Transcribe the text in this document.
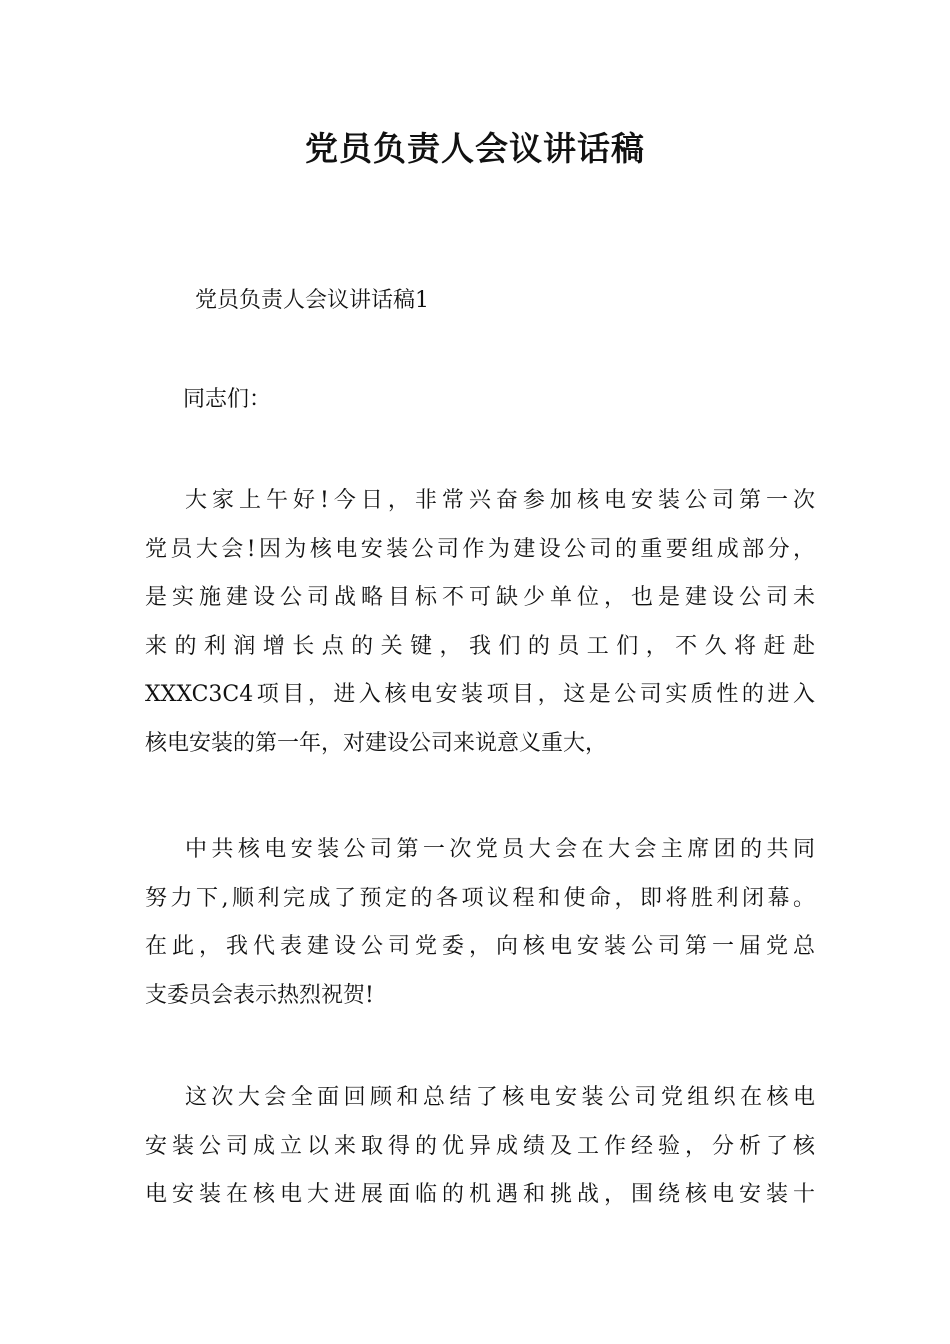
党员负责人会议讲话稿
党员负责人会议讲话稿1
同志们：
大家上午好!今日，非常兴奋参加核电安装公司第一次
党员大会!因为核电安装公司作为建设公司的重要组成部分，
是实施建设公司战略目标不可缺少单位，也是建设公司未
来的利润增长点的关键，我们的员工们，不久将赶赴
XXXC3C4项目，进入核电安装项目，这是公司实质性的进入
核电安装的第一年，对建设公司来说意义重大，
中共核电安装公司第一次党员大会在大会主席团的共同
努力下,顺利完成了预定的各项议程和使命，即将胜利闭幕。
在此，我代表建设公司党委，向核电安装公司第一届党总
支委员会表示热烈祝贺!
这次大会全面回顾和总结了核电安装公司党组织在核电
安装公司成立以来取得的优异成绩及工作经验，分析了核
电安装在核电大进展面临的机遇和挑战，围绕核电安装十
